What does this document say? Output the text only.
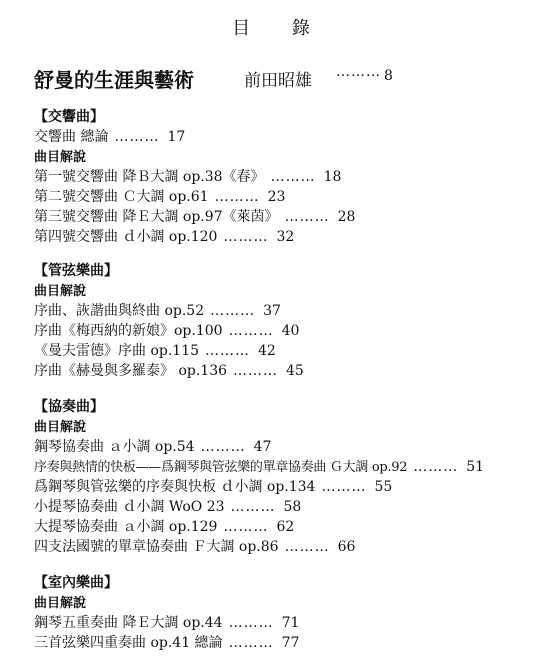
目 錄
舒曼的生涯與藝術	前田昭雄 ……… 8
【交響曲】
交響曲 總論 ……… 17
曲目解說
第一號交響曲 降Ｂ大調 op.38《春》 ……… 18
第二號交響曲 Ｃ大調 op.61 ……… 23
第三號交響曲 降Ｅ大調 op.97《萊茵》 ……… 28
第四號交響曲 ｄ小調 op.120 ……… 32
【管弦樂曲】
曲目解說
序曲、詼諧曲與終曲 op.52 ……… 37
序曲《梅西納的新娘》op.100 ……… 40
《曼夫雷德》序曲 op.115 ……… 42
序曲《赫曼與多羅泰》 op.136 ……… 45
【協奏曲】
曲目解說
鋼琴協奏曲 ａ小調 op.54 ……… 47
序奏與熱情的快板——爲鋼琴與管弦樂的單章協奏曲 Ｇ大調 op.92 ……… 51
爲鋼琴與管弦樂的序奏與快板 ｄ小調 op.134 ……… 55
小提琴協奏曲 ｄ小調 WoO 23 ……… 58
大提琴協奏曲 ａ小調 op.129 ……… 62
四支法國號的單章協奏曲 Ｆ大調 op.86 ……… 66
【室內樂曲】
曲目解說
鋼琴五重奏曲 降Ｅ大調 op.44 ……… 71
三首弦樂四重奏曲 op.41 總論 ……… 77
